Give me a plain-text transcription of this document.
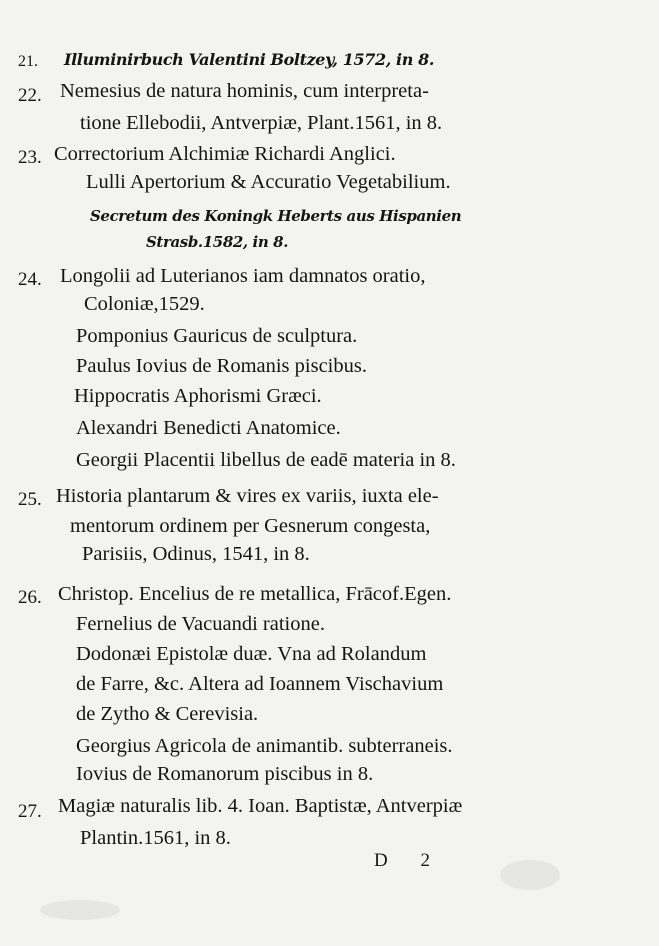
21. Illuminirbuch Valentini Boltzey, 1572, in 8.
22. Nemesius de natura hominis, cum interpreta-
tione Ellebodii, Antverpiæ, Plant.1561, in 8.
23. Correctorium Alchimiæ Richardi Anglici.
Lulli Apertorium & Accuratio Vegetabilium.
Secretum des Koningk Heberts aus Hispanien
Strasb.1582, in 8.
24. Longolii ad Luterianos iam damnatos oratio,
Coloniæ,1529.
Pomponius Gauricus de sculptura.
Paulus Iovius de Romanis piscibus.
Hippocratis Aphorismi Græci.
Alexandri Benedicti Anatomice.
Georgii Placentii libellus de eadē materia in 8.
25. Historia plantarum & vires ex variis, iuxta ele-
mentorum ordinem per Gesnerum congesta,
Parisiis, Odinus, 1541, in 8.
26. Christop. Encelius de re metallica, Frācof.Egen.
Fernelius de Vacuandi ratione.
Dodonæi Epistolæ duæ. Vna ad Rolandum
de Farre, &c. Altera ad Ioannem Vischavium
de Zytho & Cerevisia.
Georgius Agricola de animantib. subterraneis.
Iovius de Romanorum piscibus in 8.
27. Magiæ naturalis lib. 4. Ioan. Baptistæ, Antverpiæ
Plantin.1561, in 8.
D 2
